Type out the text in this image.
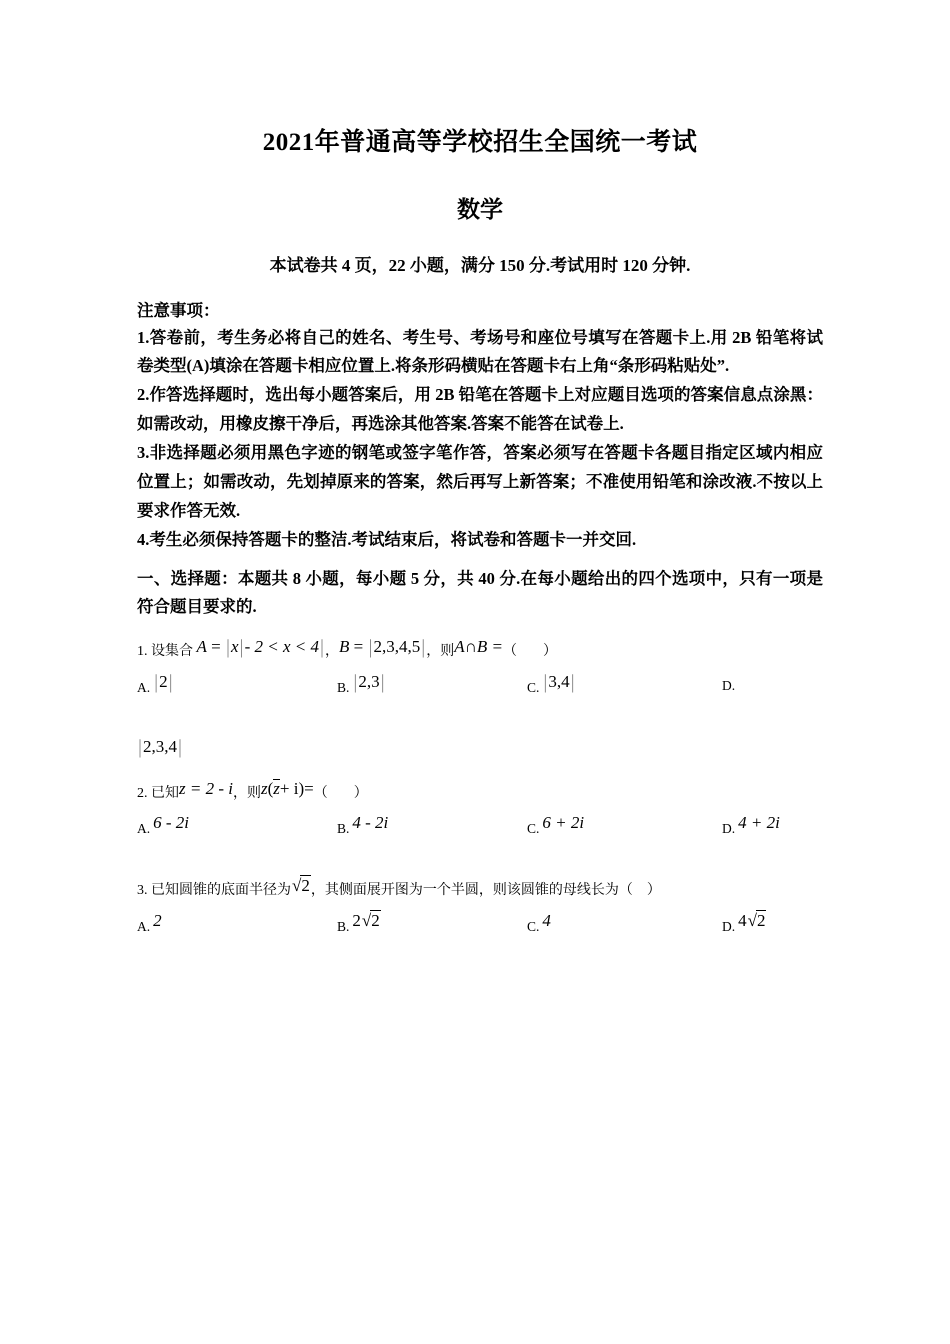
2021年普通高等学校招生全国统一考试
数学
本试卷共 4 页，22 小题，满分 150 分.考试用时 120 分钟.
注意事项：
1.答卷前，考生务必将自己的姓名、考生号、考场号和座位号填写在答题卡上.用 2B 铅笔将试卷类型(A)填涂在答题卡相应位置上.将条形码横贴在答题卡右上角“条形码粘贴处”.
2.作答选择题时，选出每小题答案后，用 2B 铅笔在答题卡上对应题目选项的答案信息点涂黑：如需改动，用橡皮擦干净后，再选涂其他答案.答案不能答在试卷上.
3.非选择题必须用黑色字迹的钢笔或签字笔作答，答案必须写在答题卡各题目指定区域内相应位置上；如需改动，先划掉原来的答案，然后再写上新答案；不准使用铅笔和涂改液.不按以上要求作答无效.
4.考生必须保持答题卡的整洁.考试结束后，将试卷和答题卡一并交回.
一、选择题：本题共 8 小题，每小题 5 分，共 40 分.在每小题给出的四个选项中，只有一项是符合题目要求的.
1. 设集合 A = |x|- 2 < x < 4|，B = |2,3,4,5|，则A∩B =（　）
A. |2|	B. |2,3|	C. |3,4|	D.
|2,3,4|
2. 已知z = 2 - i，则z(z+ i)=（　）
A. 6 - 2i	B. 4 - 2i	C. 6 + 2i	D. 4 + 2i
3. 已知圆锥的底面半径为√2，其侧面展开图为一个半圆，则该圆锥的母线长为（　）
A. 2	B. 2√2	C. 4	D. 4√2
